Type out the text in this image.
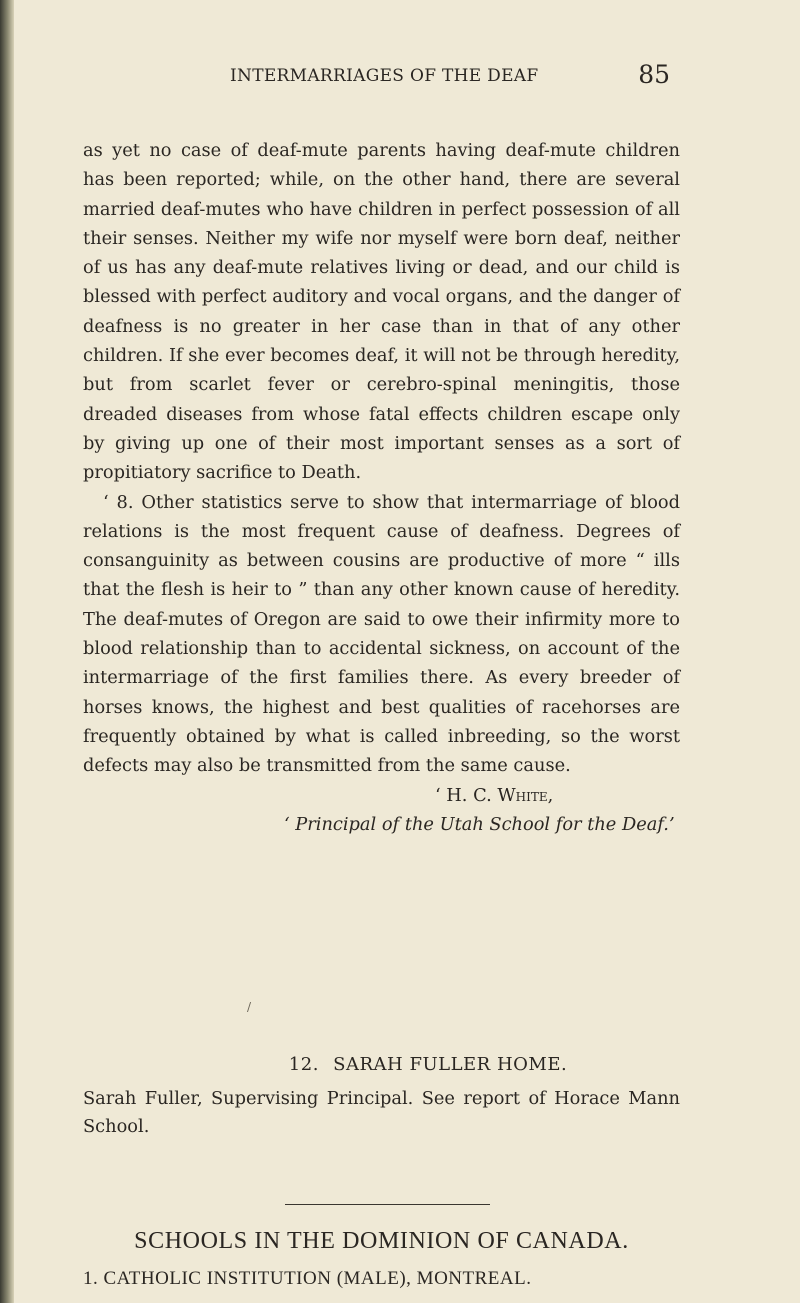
INTERMARRIAGES OF THE DEAF	85

as yet no case of deaf-mute parents having deaf-mute children has been reported; while, on the other hand, there are several married deaf-mutes who have children in perfect possession of all their senses. Neither my wife nor myself were born deaf, neither of us has any deaf-mute relatives living or dead, and our child is blessed with perfect auditory and vocal organs, and the danger of deafness is no greater in her case than in that of any other children. If she ever becomes deaf, it will not be through heredity, but from scarlet fever or cerebro-spinal meningitis, those dreaded diseases from whose fatal effects children escape only by giving up one of their most important senses as a sort of propitiatory sacrifice to Death.

‘ 8. Other statistics serve to show that intermarriage of blood relations is the most frequent cause of deafness. Degrees of consanguinity as between cousins are productive of more “ ills that the flesh is heir to ” than any other known cause of heredity. The deaf-mutes of Oregon are said to owe their infirmity more to blood relationship than to accidental sickness, on account of the intermarriage of the first families there. As every breeder of horses knows, the highest and best qualities of racehorses are frequently obtained by what is called inbreeding, so the worst defects may also be transmitted from the same cause.

‘ H. C. White,

‘ Principal of the Utah School for the Deaf.’

/
12. SARAH FULLER HOME.
Sarah Fuller, Supervising Principal. See report of Horace Mann School.
SCHOOLS IN THE DOMINION OF CANADA.
1. CATHOLIC INSTITUTION (MALE), MONTREAL.
